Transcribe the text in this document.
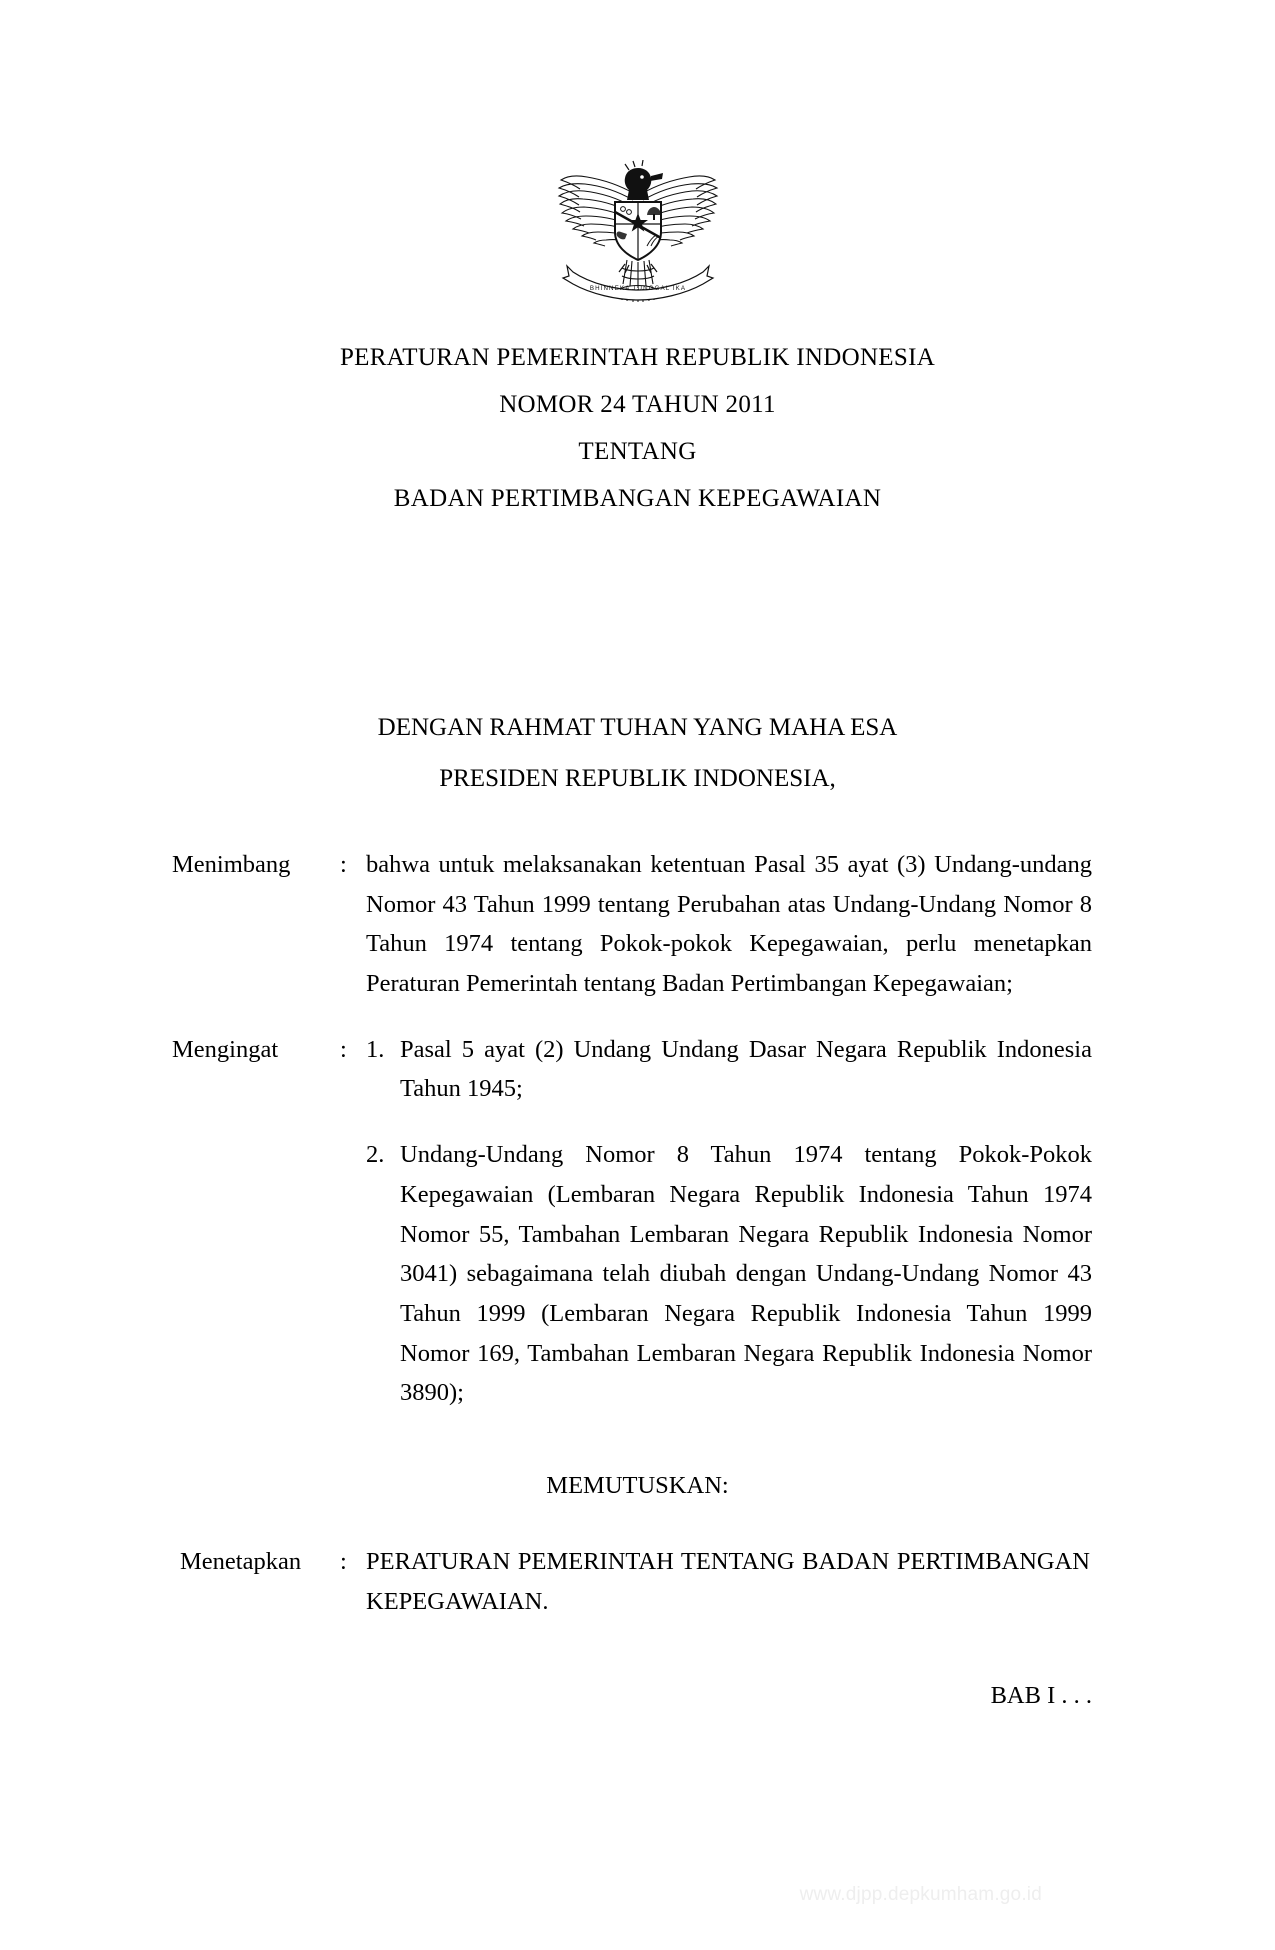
BHINNEKA TUNGGAL IKA
PERATURAN PEMERINTAH REPUBLIK INDONESIA
NOMOR 24 TAHUN 2011
TENTANG
BADAN PERTIMBANGAN KEPEGAWAIAN
DENGAN RAHMAT TUHAN YANG MAHA ESA
PRESIDEN REPUBLIK INDONESIA,
Menimbang	: bahwa untuk melaksanakan ketentuan Pasal 35 ayat (3) Undang-undang Nomor 43 Tahun 1999 tentang Perubahan atas Undang-Undang Nomor 8 Tahun 1974 tentang Pokok-pokok Kepegawaian, perlu menetapkan Peraturan Pemerintah tentang Badan Pertimbangan Kepegawaian;

Mengingat	: 1. Pasal 5 ayat (2) Undang Undang Dasar Negara Republik Indonesia Tahun 1945;
2. Undang-Undang Nomor 8 Tahun 1974 tentang Pokok-Pokok Kepegawaian (Lembaran Negara Republik Indonesia Tahun 1974 Nomor 55, Tambahan Lembaran Negara Republik Indonesia Nomor 3041) sebagaimana telah diubah dengan Undang-Undang Nomor 43 Tahun 1999 (Lembaran Negara Republik Indonesia Tahun 1999 Nomor 169, Tambahan Lembaran Negara Republik Indonesia Nomor 3890);
MEMUTUSKAN:
Menetapkan	: PERATURAN PEMERINTAH TENTANG BADAN PERTIMBANGAN KEPEGAWAIAN.

BAB I . . .
www.djpp.depkumham.go.id
